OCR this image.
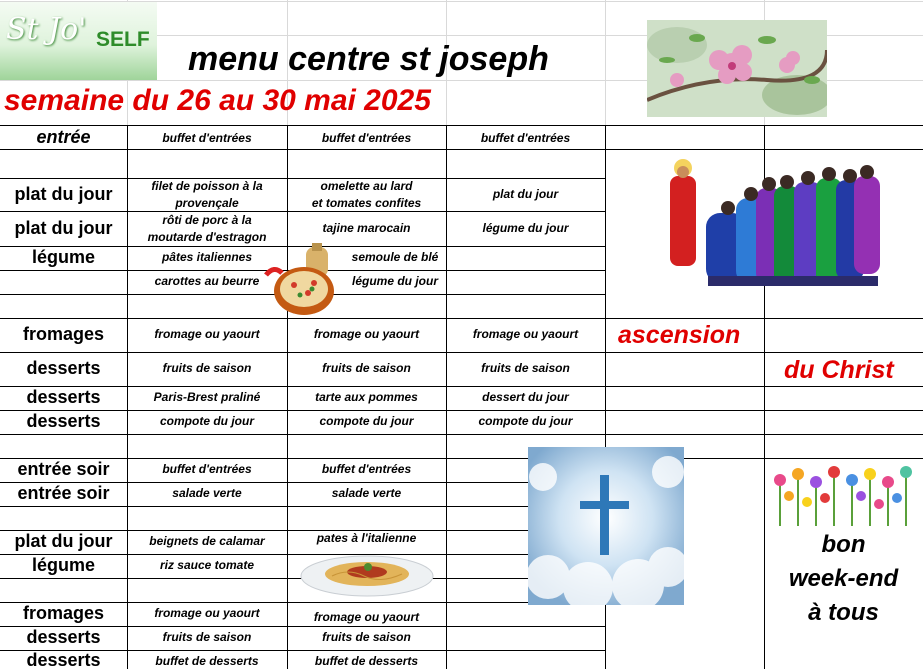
St Jo' SELF
menu centre st joseph
semaine du 26 au 30 mai 2025
entrée
plat du jour
plat du jour
légume
fromages
desserts
desserts
desserts
entrée soir
entrée soir
plat du jour
légume
fromages
desserts
desserts
buffet d'entrées
filet de poisson à la
provençale
rôti de porc à la
moutarde d'estragon
pâtes italiennes
carottes au beurre
fromage ou yaourt
fruits de saison
Paris-Brest praliné
compote du jour
buffet d'entrées
salade verte
beignets de calamar
riz sauce tomate
fromage ou yaourt
fruits de saison
buffet de desserts
buffet d'entrées
omelette au lard
et tomates confites
tajine marocain
semoule de blé
légume du jour
fromage ou yaourt
fruits de saison
tarte aux pommes
compote du jour
buffet d'entrées
salade verte
pates à l'italienne
fromage ou yaourt
fruits de saison
buffet de desserts
buffet d'entrées
plat du jour
légume du jour
fromage ou yaourt
fruits de saison
dessert du jour
compote du jour
ascension
du Christ
bon
week-end
à tous
